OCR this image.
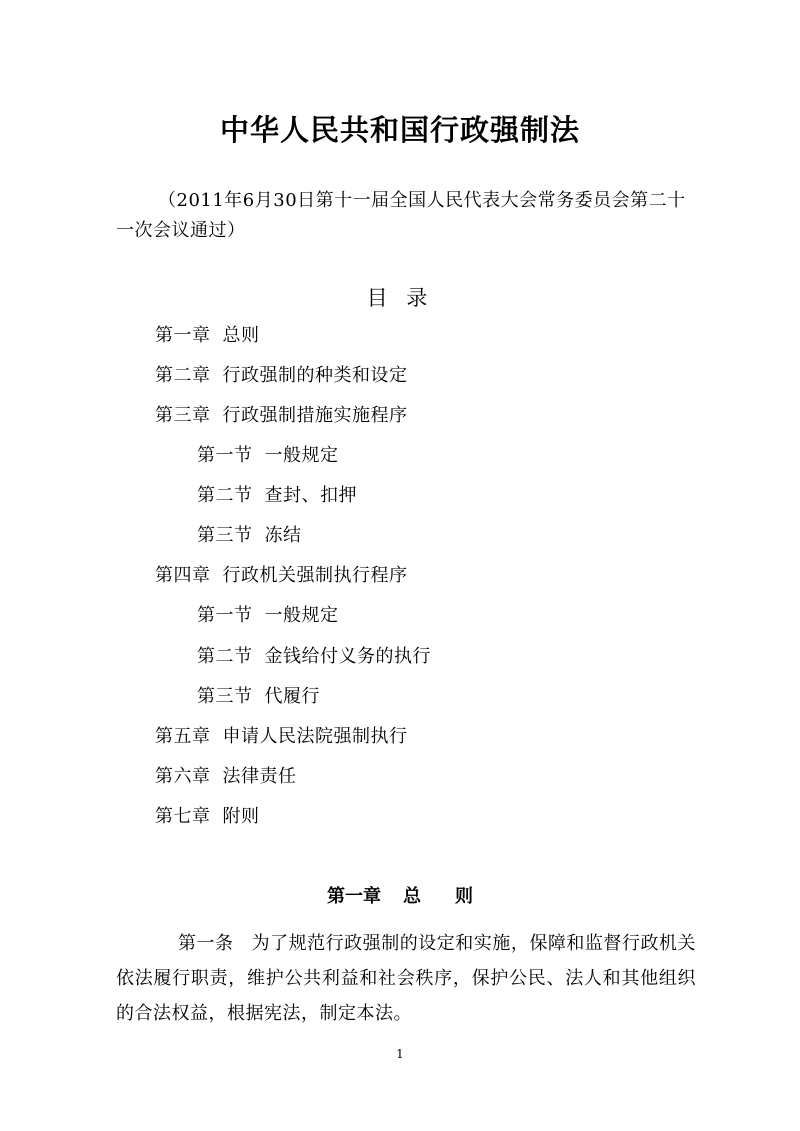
中华人民共和国行政强制法
（2011年6月30日第十一届全国人民代表大会常务委员会第二十一次会议通过）
目 录
第一章 总则
第二章 行政强制的种类和设定
第三章 行政强制措施实施程序
第一节 一般规定
第二节 查封、扣押
第三节 冻结
第四章 行政机关强制执行程序
第一节 一般规定
第二节 金钱给付义务的执行
第三节 代履行
第五章 申请人民法院强制执行
第六章 法律责任
第七章 附则
第一章 总则
第一条 为了规范行政强制的设定和实施，保障和监督行政机关依法履行职责，维护公共利益和社会秩序，保护公民、法人和其他组织的合法权益，根据宪法，制定本法。
1
